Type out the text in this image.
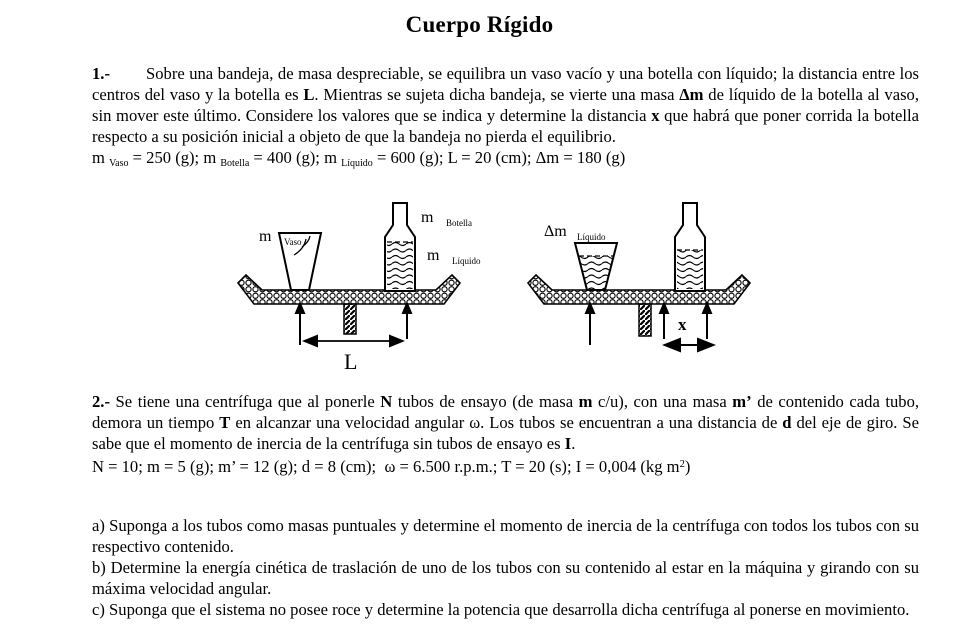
Cuerpo Rígido

1.-        Sobre una bandeja, de masa despreciable, se equilibra un vaso vacío y una botella con líquido; la distancia entre los centros del vaso y la botella es L. Mientras se sujeta dicha bandeja, se vierte una masa Δm de líquido de la botella al vaso, sin mover este último. Considere los valores que se indica y determine la distancia x que habrá que poner corrida la botella respecto a su posición inicial a objeto de que la bandeja no pierda el equilibrio.

m Vaso = 250 (g); m Botella = 400 (g); m Líquido = 600 (g); L = 20 (cm); Δm = 180 (g)

m Vaso
m Botella
m Líquido
L
Δm Líquido
x

2.- Se tiene una centrífuga que al ponerle N tubos de ensayo (de masa m c/u), con una masa m’ de contenido cada tubo, demora un tiempo T en alcanzar una velocidad angular ω. Los tubos se encuentran a una distancia de d del eje de giro. Se sabe que el momento de inercia de la centrífuga sin tubos de ensayo es I.

N = 10; m = 5 (g); m’ = 12 (g); d = 8 (cm);  ω = 6.500 r.p.m.; T = 20 (s); I = 0,004 (kg $m^2$)

a) Suponga a los tubos como masas puntuales y determine el momento de inercia de la centrífuga con todos los tubos con su respectivo contenido.

b) Determine la energía cinética de traslación de uno de los tubos con su contenido al estar en la máquina y girando con su máxima velocidad angular.

c) Suponga que el sistema no posee roce y determine la potencia que desarrolla dicha centrífuga al ponerse en movimiento.
